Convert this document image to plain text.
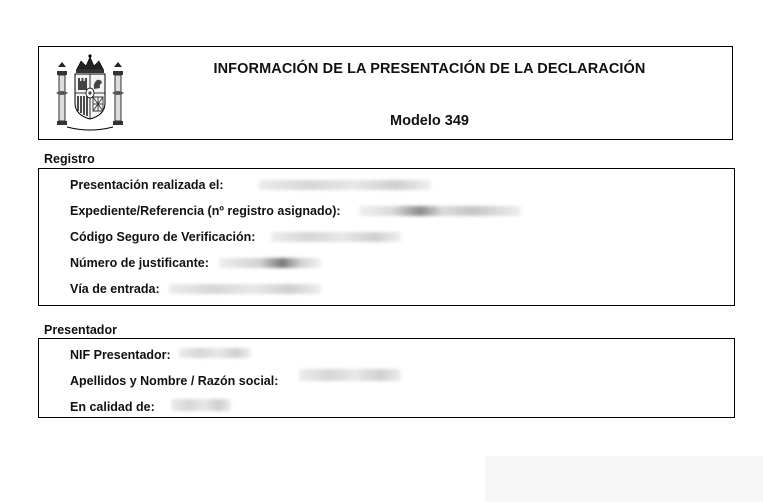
INFORMACIÓN DE LA PRESENTACIÓN DE LA DECLARACIÓN
Modelo 349
Registro
Presentación realizada el:
Expediente/Referencia (nº registro asignado):
Código Seguro de Verificación:
Número de justificante:
Vía de entrada:
Presentador
NIF Presentador:
Apellidos y Nombre / Razón social:
En calidad de:
